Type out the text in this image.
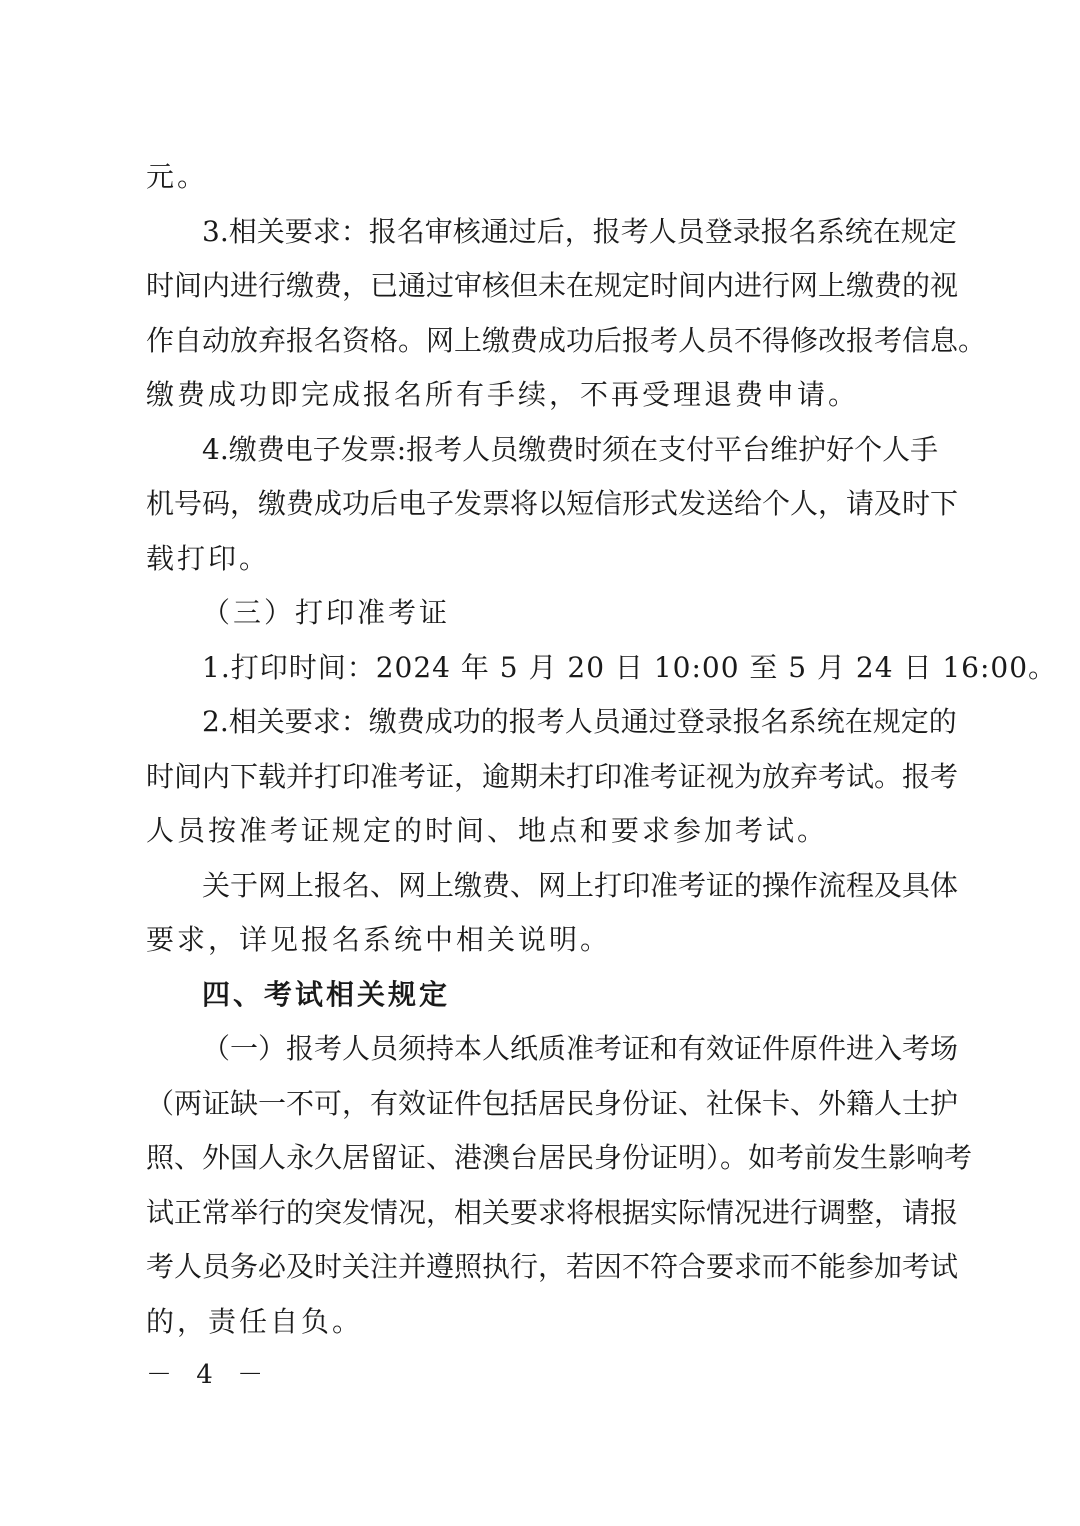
元。
3.相关要求：报名审核通过后，报考人员登录报名系统在规定
时间内进行缴费，已通过审核但未在规定时间内进行网上缴费的视
作自动放弃报名资格。网上缴费成功后报考人员不得修改报考信息。
缴费成功即完成报名所有手续，不再受理退费申请。
4.缴费电子发票:报考人员缴费时须在支付平台维护好个人手
机号码，缴费成功后电子发票将以短信形式发送给个人，请及时下
载打印。
（三）打印准考证
1.打印时间：2024 年 5 月 20 日 10:00 至 5 月 24 日 16:00。
2.相关要求：缴费成功的报考人员通过登录报名系统在规定的
时间内下载并打印准考证，逾期未打印准考证视为放弃考试。报考
人员按准考证规定的时间、地点和要求参加考试。
关于网上报名、网上缴费、网上打印准考证的操作流程及具体
要求，详见报名系统中相关说明。
四、考试相关规定
（一）报考人员须持本人纸质准考证和有效证件原件进入考场
（两证缺一不可，有效证件包括居民身份证、社保卡、外籍人士护
照、外国人永久居留证、港澳台居民身份证明）。如考前发生影响考
试正常举行的突发情况，相关要求将根据实际情况进行调整，请报
考人员务必及时关注并遵照执行，若因不符合要求而不能参加考试
的，责任自负。
－ 4 －
